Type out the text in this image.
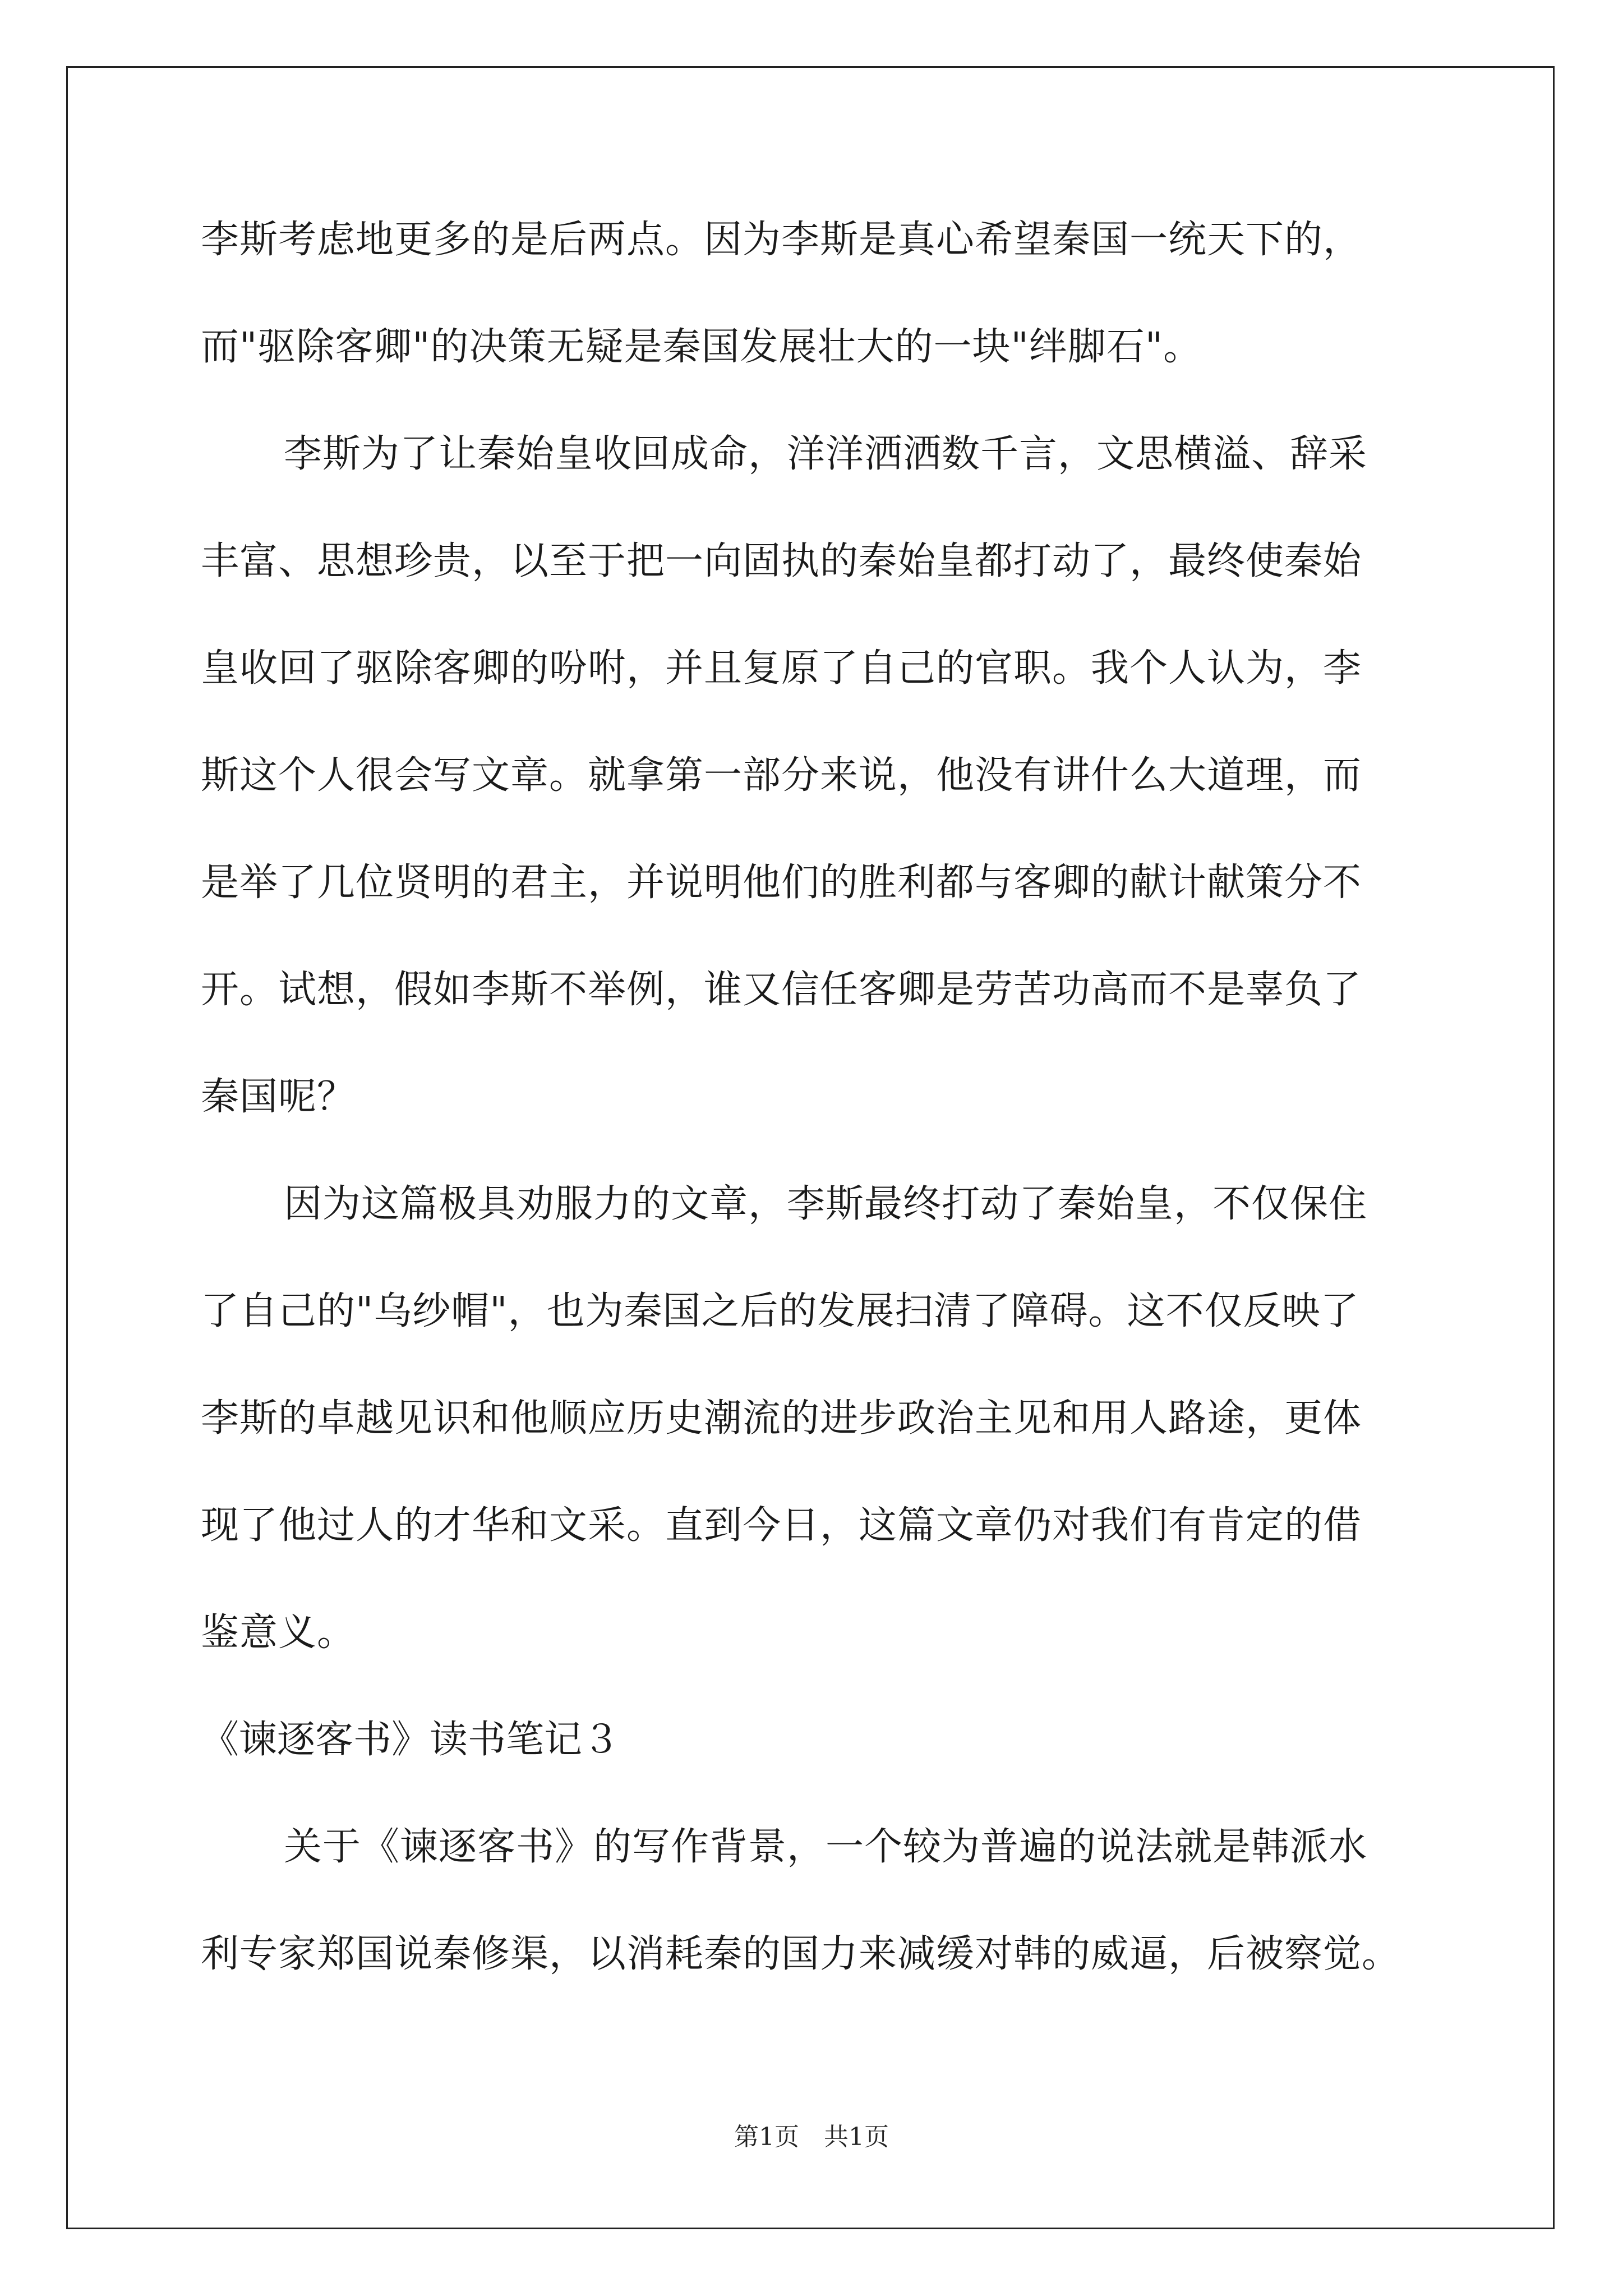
李斯考虑地更多的是后两点。因为李斯是真心希望秦国一统天下的，
而"驱除客卿"的决策无疑是秦国发展壮大的一块"绊脚石"。
李斯为了让秦始皇收回成命，洋洋洒洒数千言，文思横溢、辞采
丰富、思想珍贵，以至于把一向固执的秦始皇都打动了，最终使秦始
皇收回了驱除客卿的吩咐，并且复原了自己的官职。我个人认为，李
斯这个人很会写文章。就拿第一部分来说，他没有讲什么大道理，而
是举了几位贤明的君主，并说明他们的胜利都与客卿的献计献策分不
开。试想，假如李斯不举例，谁又信任客卿是劳苦功高而不是辜负了
秦国呢？
因为这篇极具劝服力的文章，李斯最终打动了秦始皇，不仅保住
了自己的"乌纱帽"，也为秦国之后的发展扫清了障碍。这不仅反映了
李斯的卓越见识和他顺应历史潮流的进步政治主见和用人路途，更体
现了他过人的才华和文采。直到今日，这篇文章仍对我们有肯定的借
鉴意义。
《谏逐客书》读书笔记３
关于《谏逐客书》的写作背景，一个较为普遍的说法就是韩派水
利专家郑国说秦修渠，以消耗秦的国力来减缓对韩的威逼，后被察觉。
第1页 共1页
